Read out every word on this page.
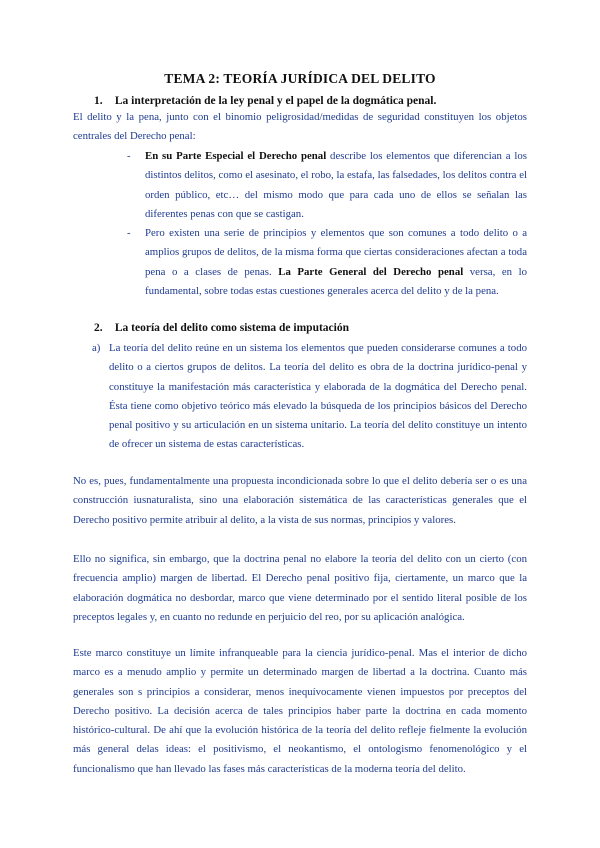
TEMA 2: TEORÍA JURÍDICA DEL DELITO
1. La interpretación de la ley penal y el papel de la dogmática penal.
El delito y la pena, junto con el binomio peligrosidad/medidas de seguridad constituyen los objetos centrales del Derecho penal:
- En su Parte Especial el Derecho penal describe los elementos que diferencian a los distintos delitos, como el asesinato, el robo, la estafa, las falsedades, los delitos contra el orden público, etc… del mismo modo que para cada uno de ellos se señalan las diferentes penas con que se castigan.
- Pero existen una serie de principios y elementos que son comunes a todo delito o a amplios grupos de delitos, de la misma forma que ciertas consideraciones afectan a toda pena o a clases de penas. La Parte General del Derecho penal versa, en lo fundamental, sobre todas estas cuestiones generales acerca del delito y de la pena.
2. La teoría del delito como sistema de imputación
a) La teoría del delito reúne en un sistema los elementos que pueden considerarse comunes a todo delito o a ciertos grupos de delitos. La teoría del delito es obra de la doctrina jurídico-penal y constituye la manifestación más característica y elaborada de la dogmática del Derecho penal. Ésta tiene como objetivo teórico más elevado la búsqueda de los principios básicos del Derecho penal positivo y su articulación en un sistema unitario. La teoría del delito constituye un intento de ofrecer un sistema de estas características.
No es, pues, fundamentalmente una propuesta incondicionada sobre lo que el delito debería ser o es una construcción iusnaturalista, sino una elaboración sistemática de las características generales que el Derecho positivo permite atribuir al delito, a la vista de sus normas, principios y valores.
Ello no significa, sin embargo, que la doctrina penal no elabore la teoría del delito con un cierto (con frecuencia amplio) margen de libertad. El Derecho penal positivo fija, ciertamente, un marco que la elaboración dogmática no desbordar, marco que viene determinado por el sentido literal posible de los preceptos legales y, en cuanto no redunde en perjuicio del reo, por su aplicación analógica.
Este marco constituye un límite infranqueable para la ciencia jurídico-penal. Mas el interior de dicho marco es a menudo amplio y permite un determinado margen de libertad a la doctrina. Cuanto más generales son s principios a considerar, menos inequívocamente vienen impuestos por preceptos del Derecho positivo. La decisión acerca de tales principios haber parte la doctrina en cada momento histórico-cultural. De ahí que la evolución histórica de la teoría del delito refleje fielmente la evolución más general delas ideas: el positivismo, el neokantismo, el ontologismo fenomenológico y el funcionalismo que han llevado las fases más características de la moderna teoría del delito.
